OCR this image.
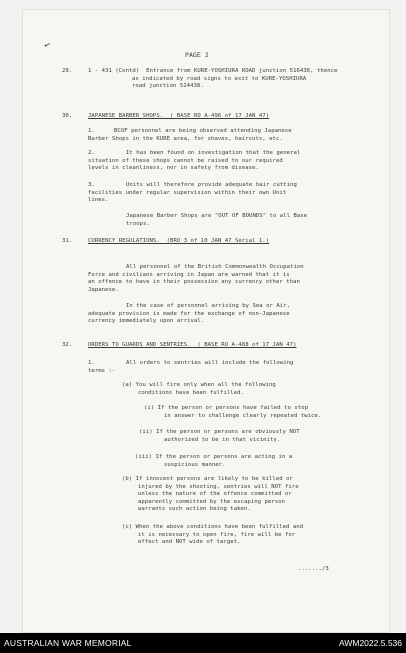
✓
PAGE 2
29.	1 - 431 (Contd)  Entrance from KURE-YOSHIURA ROAD junction 516436, thence
as indicated by road signs to exit to KURE-YOSHIURA
road junction 514438.
30.	JAPANESE BARBER SHOPS.  ( BASE RO A-496 of 17 JAN 47)
1.	BCOF personnel are being observed attending Japanese
Barber Shops in the KURE area, for shaves, haircuts, etc.
2.	It has been found on investigation that the general
situation of these shops cannot be raised to our required
levels in cleanliness, nor in safety from disease.
3.	Units will therefore provide adequate hair cutting
facilities under regular supervision within their own Unit
lines.
Japanese Barber Shops are "OUT OF BOUNDS" to all Base
troops.
31.	CURRENCY REGULATIONS.  (BRO 3 of 10 JAN 47 Serial 1.)
All personnel of the British Commonwealth Occupation
Force and civilians arriving in Japan are warned that it is
an offence to have in their possession any currency other than
Japanese.
In the case of personnel arriving by Sea or Air,
adequate provision is made for the exchange of non-Japanese
currency immediately upon arrival.
32.	ORDERS TO GUARDS AND SENTRIES.  ( BASE RO A-488 of 17 JAN 47)
1.	All orders to sentries will include the following
terms :-
(a) You will fire only when all the following
conditions have been fulfilled.
(i) If the person or persons have failed to stop
in answer to challenge clearly repeated twice.
(ii) If the person or persons are obviously NOT
authorized to be in that vicinity.
(iii) If the person or persons are acting in a
suspicious manner.
(b) If innocent persons are likely to be killed or
injured by the shooting, sentries will NOT fire
unless the nature of the offence committed or
apparently committed by the escaping person
warrants such action being taken.
(c) When the above conditions have been fulfilled and
it is necessary to open fire, fire will be for
effect and NOT wide of target.
......./3
AUSTRALIAN WAR MEMORIAL	AWM2022.5.536
